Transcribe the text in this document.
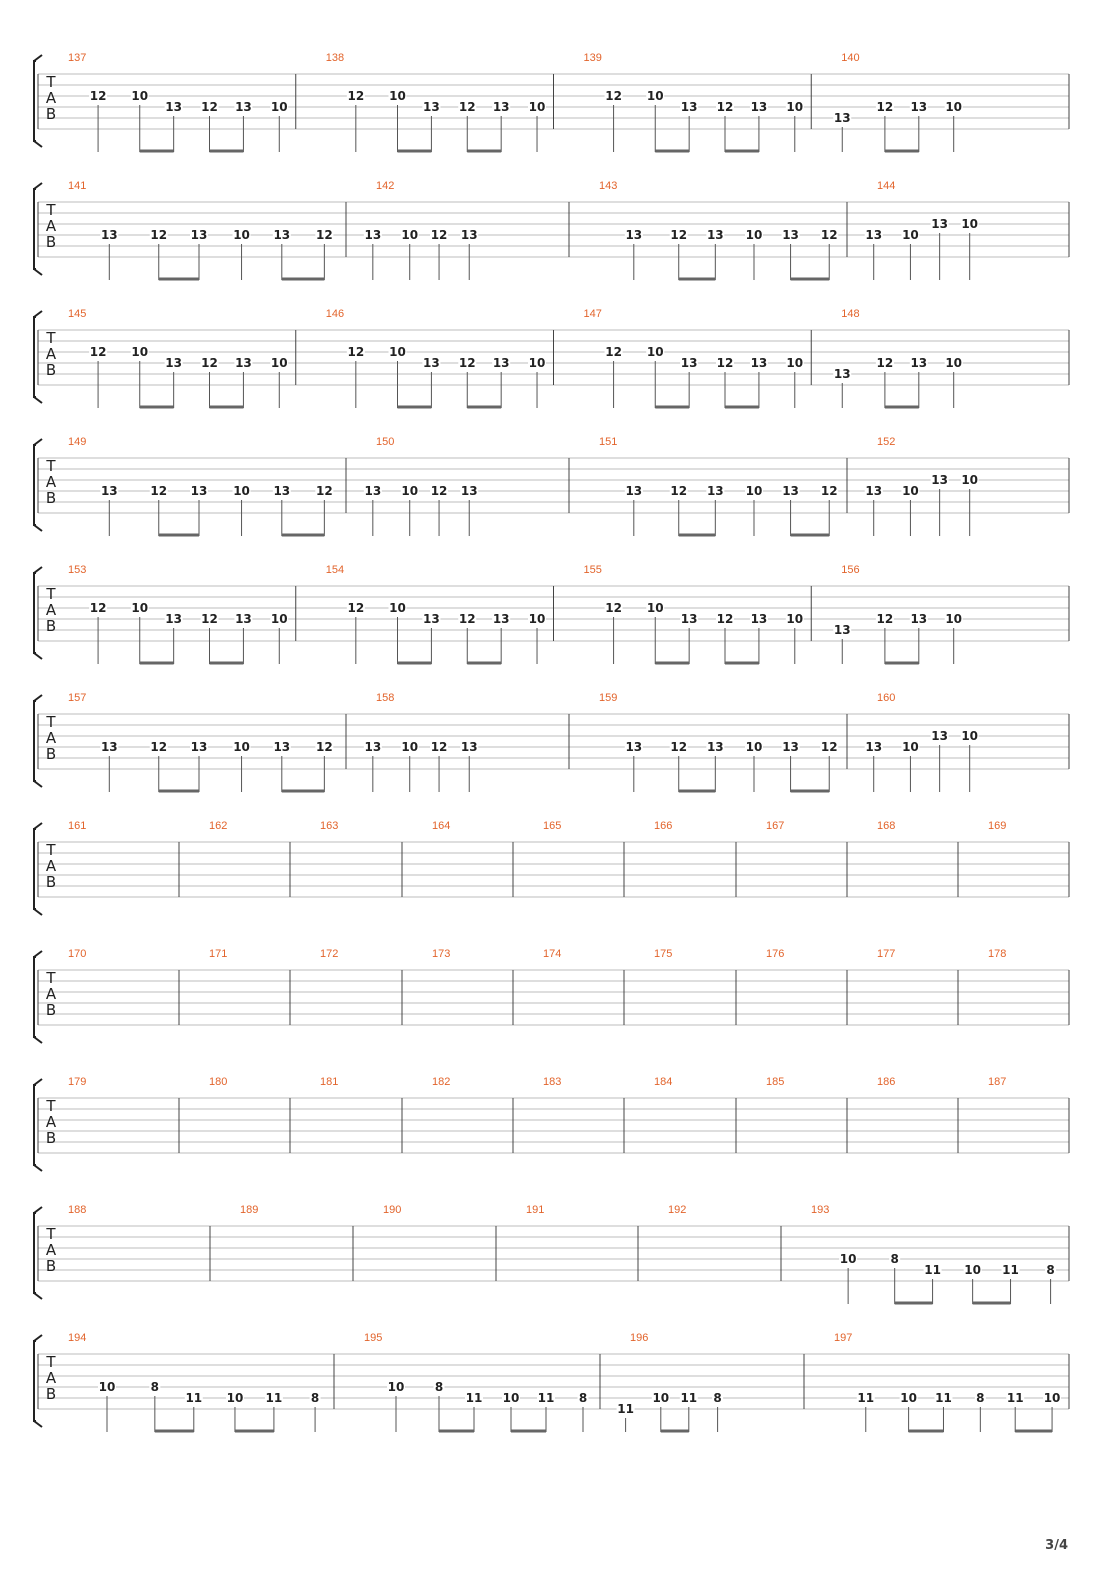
T
A
B
137
12 10
13 12 13 10
138
12 10
13 12 13 10
139
12 10
13 12 13 10
140
13
12 13 10
T
A
B
141
13	12 13 10 13 12
142
13 10 12 13
143
13 12 13 10 13 12
144
13 10
13 10
T
A
B
145
12 10
13 12 13 10
146
12 10
13 12 13 10
147
12 10
13 12 13 10
148
13
12 13 10
T
A
B
149
13	12 13 10 13 12
150
13 10 12 13
151
13 12 13 10 13 12
152
13 10
13 10
T
A
B
153
12 10
13 12 13 10
154
12 10
13 12 13 10
155
12 10
13 12 13 10
156
13
12 13 10
T
A
B
157
13	12 13 10 13 12
158
13 10 12 13
159
13 12 13 10 13 12
160
13 10
13 10
T
A
B
161	162	163	164	165	166	167	168	169
T
A
B
170	171	172	173	174	175	176	177	178
T
A
B
179	180	181	182	183	184	185	186	187
T
A
B
188	189	190	191	192	193
10	8
11 10 11 8
T
A
B
194
10	8
11 10 11 8
195
10	8
11 10 11 8
196
11
10 11 8
197
11 10 11 8 11 10
3/4
